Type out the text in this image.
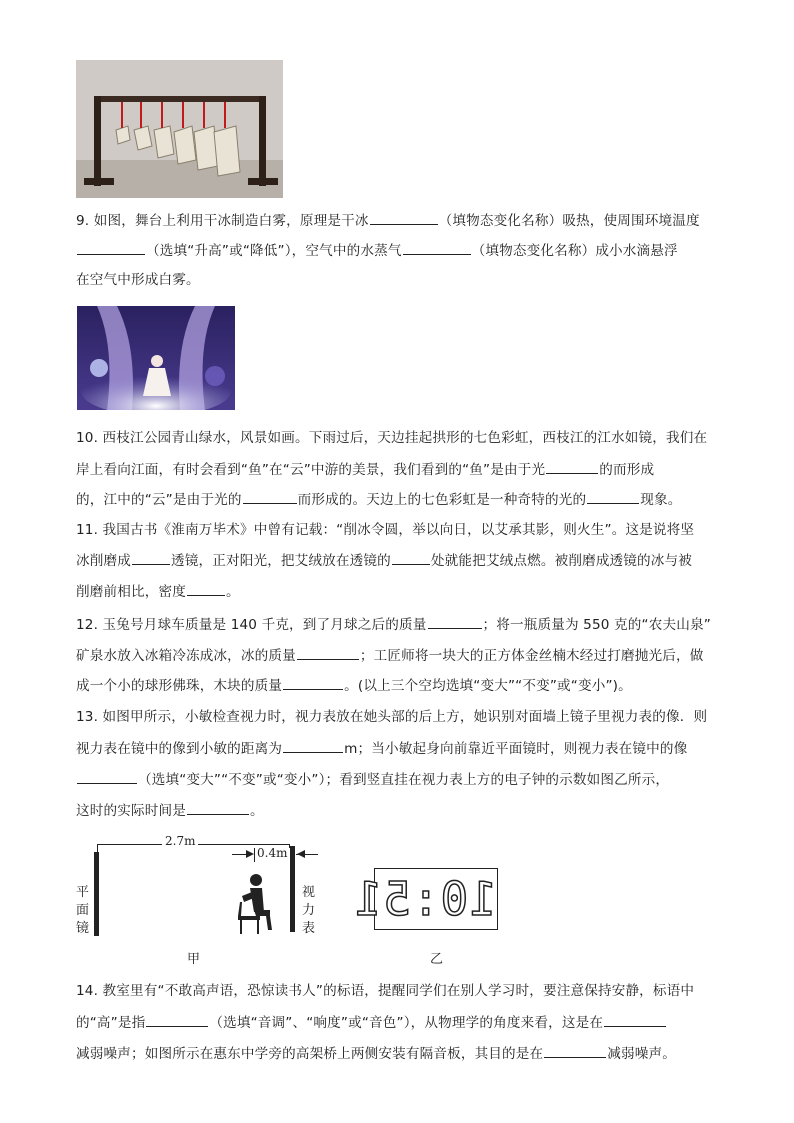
9. 如图，舞台上利用干冰制造白雾，原理是干冰	（填物态变化名称）吸热，使周围环境温度
（选填“升高”或“降低”），空气中的水蒸气	（填物态变化名称）成小水滴悬浮
在空气中形成白雾。
10. 西枝江公园青山绿水，风景如画。下雨过后，天边挂起拱形的七色彩虹，西枝江的江水如镜，我们在
岸上看向江面，有时会看到“鱼”在“云”中游的美景，我们看到的“鱼”是由于光	的而形成
的，江中的“云”是由于光的	而形成的。天边上的七色彩虹是一种奇特的光的	现象。
11. 我国古书《淮南万毕术》中曾有记载：“削冰令圆，举以向日，以艾承其影，则火生”。这是说将坚
冰削磨成	透镜，正对阳光，把艾绒放在透镜的	处就能把艾绒点燃。被削磨成透镜的冰与被
削磨前相比，密度	。
12. 玉兔号月球车质量是 140 千克，到了月球之后的质量	；将一瓶质量为 550 克的“农夫山泉”
矿泉水放入冰箱冷冻成冰，冰的质量	；工匠师将一块大的正方体金丝楠木经过打磨抛光后，做
成一个小的球形佛珠，木块的质量	。(以上三个空均选填“变大”“不变”或“变小”)。
13. 如图甲所示，小敏检查视力时，视力表放在她头部的后上方，她识别对面墙上镜子里视力表的像．则
视力表在镜中的像到小敏的距离为	m；当小敏起身向前靠近平面镜时，则视力表在镜中的像
（选填“变大”“不变”或“变小”）；看到竖直挂在视力表上方的电子钟的示数如图乙所示，
这时的实际时间是	。
2.7m
0.4m
平
面
镜
视
力
表
甲
10:51
乙
14. 教室里有“不敢高声语，恐惊读书人”的标语，提醒同学们在别人学习时，要注意保持安静，标语中
的“高”是指	（选填“音调”、“响度”或“音色”），从物理学的角度来看，这是在
减弱噪声；如图所示在惠东中学旁的高架桥上两侧安装有隔音板，其目的是在	减弱噪声。
